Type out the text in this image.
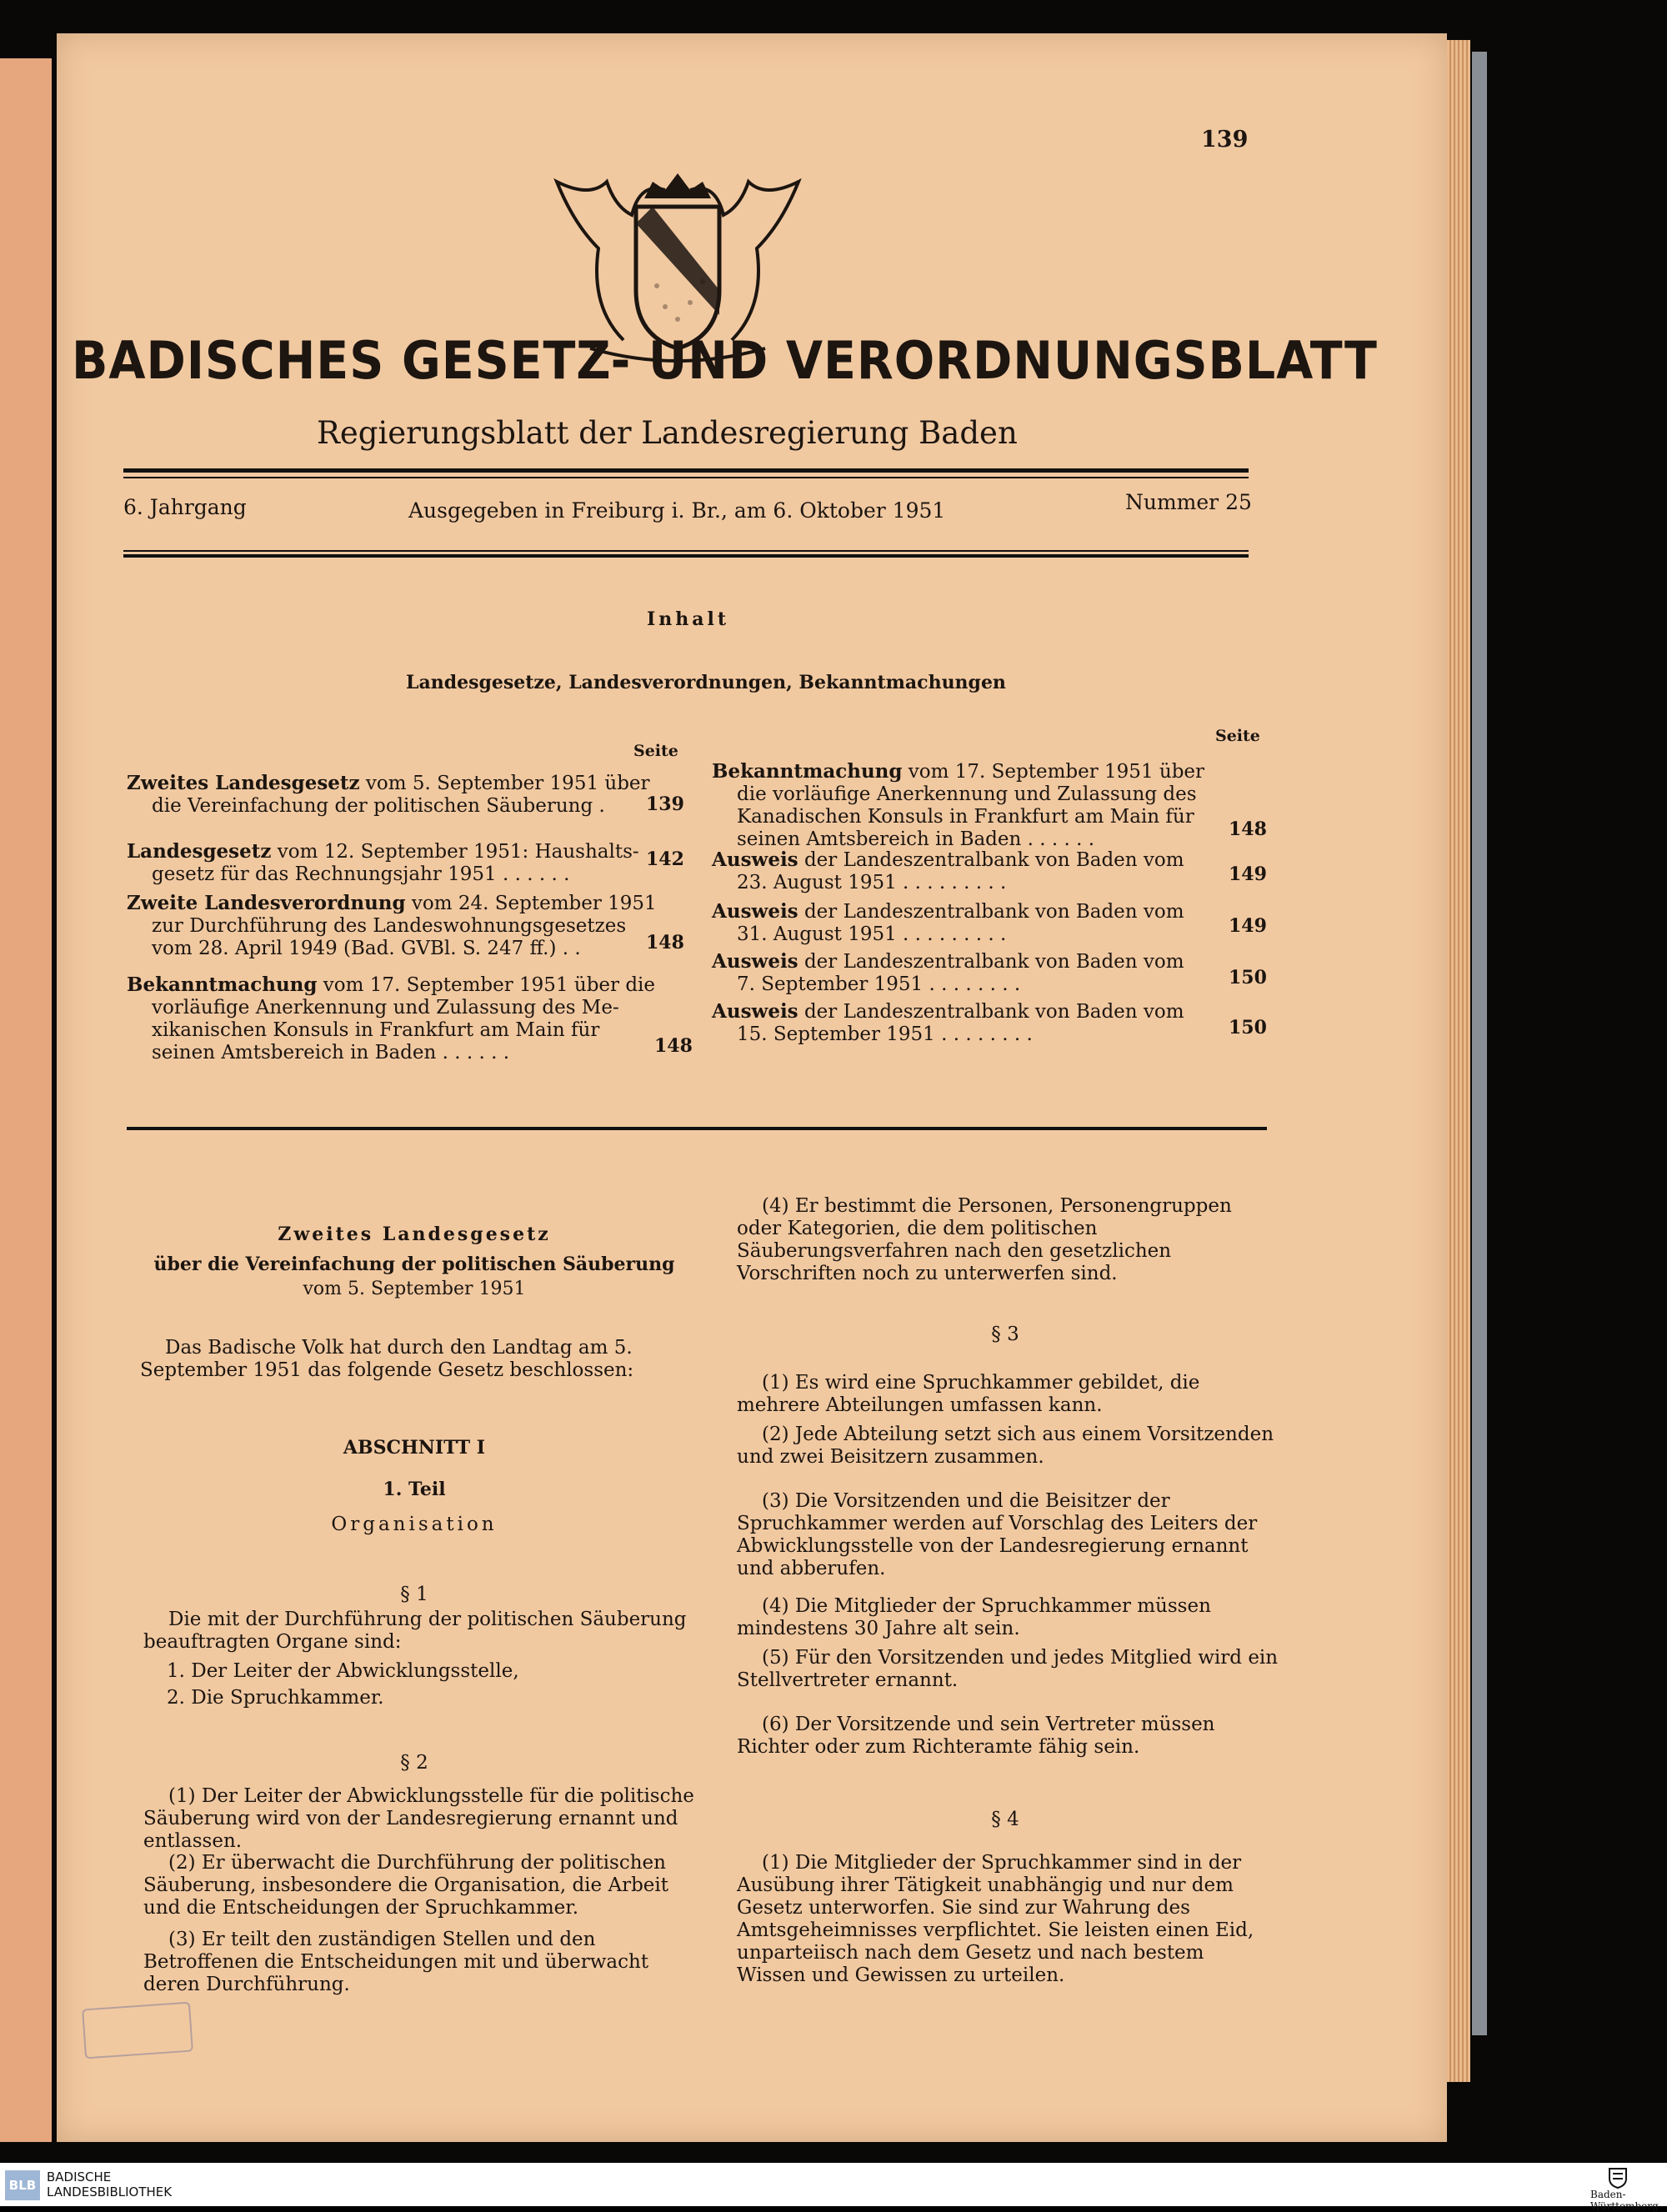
139
BADISCHES GESETZ- UND VERORDNUNGSBLATT
Regierungsblatt der Landesregierung Baden
6. Jahrgang	Ausgegeben in Freiburg i. Br., am 6. Oktober 1951	Nummer 25
Inhalt
Landesgesetze, Landesverordnungen, Bekanntmachungen
Seite
Seite
Zweites Landesgesetz vom 5. September 1951 über
die Vereinfachung der politischen Säuberung .	139
Landesgesetz vom 12. September 1951: Haushalts-
gesetz für das Rechnungsjahr 1951 . . . . . .
142
Zweite Landesverordnung vom 24. September 1951
zur Durchführung des Landeswohnungsgesetzes
vom 28. April 1949 (Bad. GVBl. S. 247 ff.) . .	148
Bekanntmachung vom 17. September 1951 über die
vorläufige Anerkennung und Zulassung des Me-
xikanischen Konsuls in Frankfurt am Main für
seinen Amtsbereich in Baden . . . . . .	148
Bekanntmachung vom 17. September 1951 über
die vorläufige Anerkennung und Zulassung des
Kanadischen Konsuls in Frankfurt am Main für
seinen Amtsbereich in Baden . . . . . .	148
Ausweis der Landeszentralbank von Baden vom
23. August 1951 . . . . . . . . .	149
Ausweis der Landeszentralbank von Baden vom
31. August 1951 . . . . . . . . .	149
Ausweis der Landeszentralbank von Baden vom
7. September 1951 . . . . . . . .	150
Ausweis der Landeszentralbank von Baden vom
15. September 1951 . . . . . . . .	150
Zweites Landesgesetz
über die Vereinfachung der politischen Säuberung
vom 5. September 1951
Das Badische Volk hat durch den Landtag am 5. September 1951 das folgende Gesetz beschlossen:
ABSCHNITT I
1. Teil
Organisation
§ 1
Die mit der Durchführung der politischen Säuberung beauftragten Organe sind:
1. Der Leiter der Abwicklungsstelle,
2. Die Spruchkammer.
§ 2
(1) Der Leiter der Abwicklungsstelle für die politische Säuberung wird von der Landesregierung ernannt und entlassen.
(2) Er überwacht die Durchführung der politischen Säuberung, insbesondere die Organisation, die Arbeit und die Entscheidungen der Spruchkammer.
(3) Er teilt den zuständigen Stellen und den Betroffenen die Entscheidungen mit und überwacht deren Durchführung.
(4) Er bestimmt die Personen, Personengruppen oder Kategorien, die dem politischen Säuberungsverfahren nach den gesetzlichen Vorschriften noch zu unterwerfen sind.
§ 3
(1) Es wird eine Spruchkammer gebildet, die mehrere Abteilungen umfassen kann.
(2) Jede Abteilung setzt sich aus einem Vorsitzenden und zwei Beisitzern zusammen.
(3) Die Vorsitzenden und die Beisitzer der Spruchkammer werden auf Vorschlag des Leiters der Abwicklungsstelle von der Landesregierung ernannt und abberufen.
(4) Die Mitglieder der Spruchkammer müssen mindestens 30 Jahre alt sein.
(5) Für den Vorsitzenden und jedes Mitglied wird ein Stellvertreter ernannt.
(6) Der Vorsitzende und sein Vertreter müssen Richter oder zum Richteramte fähig sein.
§ 4
(1) Die Mitglieder der Spruchkammer sind in der Ausübung ihrer Tätigkeit unabhängig und nur dem Gesetz unterworfen. Sie sind zur Wahrung des Amtsgeheimnisses verpflichtet. Sie leisten einen Eid, unparteiisch nach dem Gesetz und nach bestem Wissen und Gewissen zu urteilen.
BLB
BADISCHE
LANDESBIBLIOTHEK	Baden-Württemberg
